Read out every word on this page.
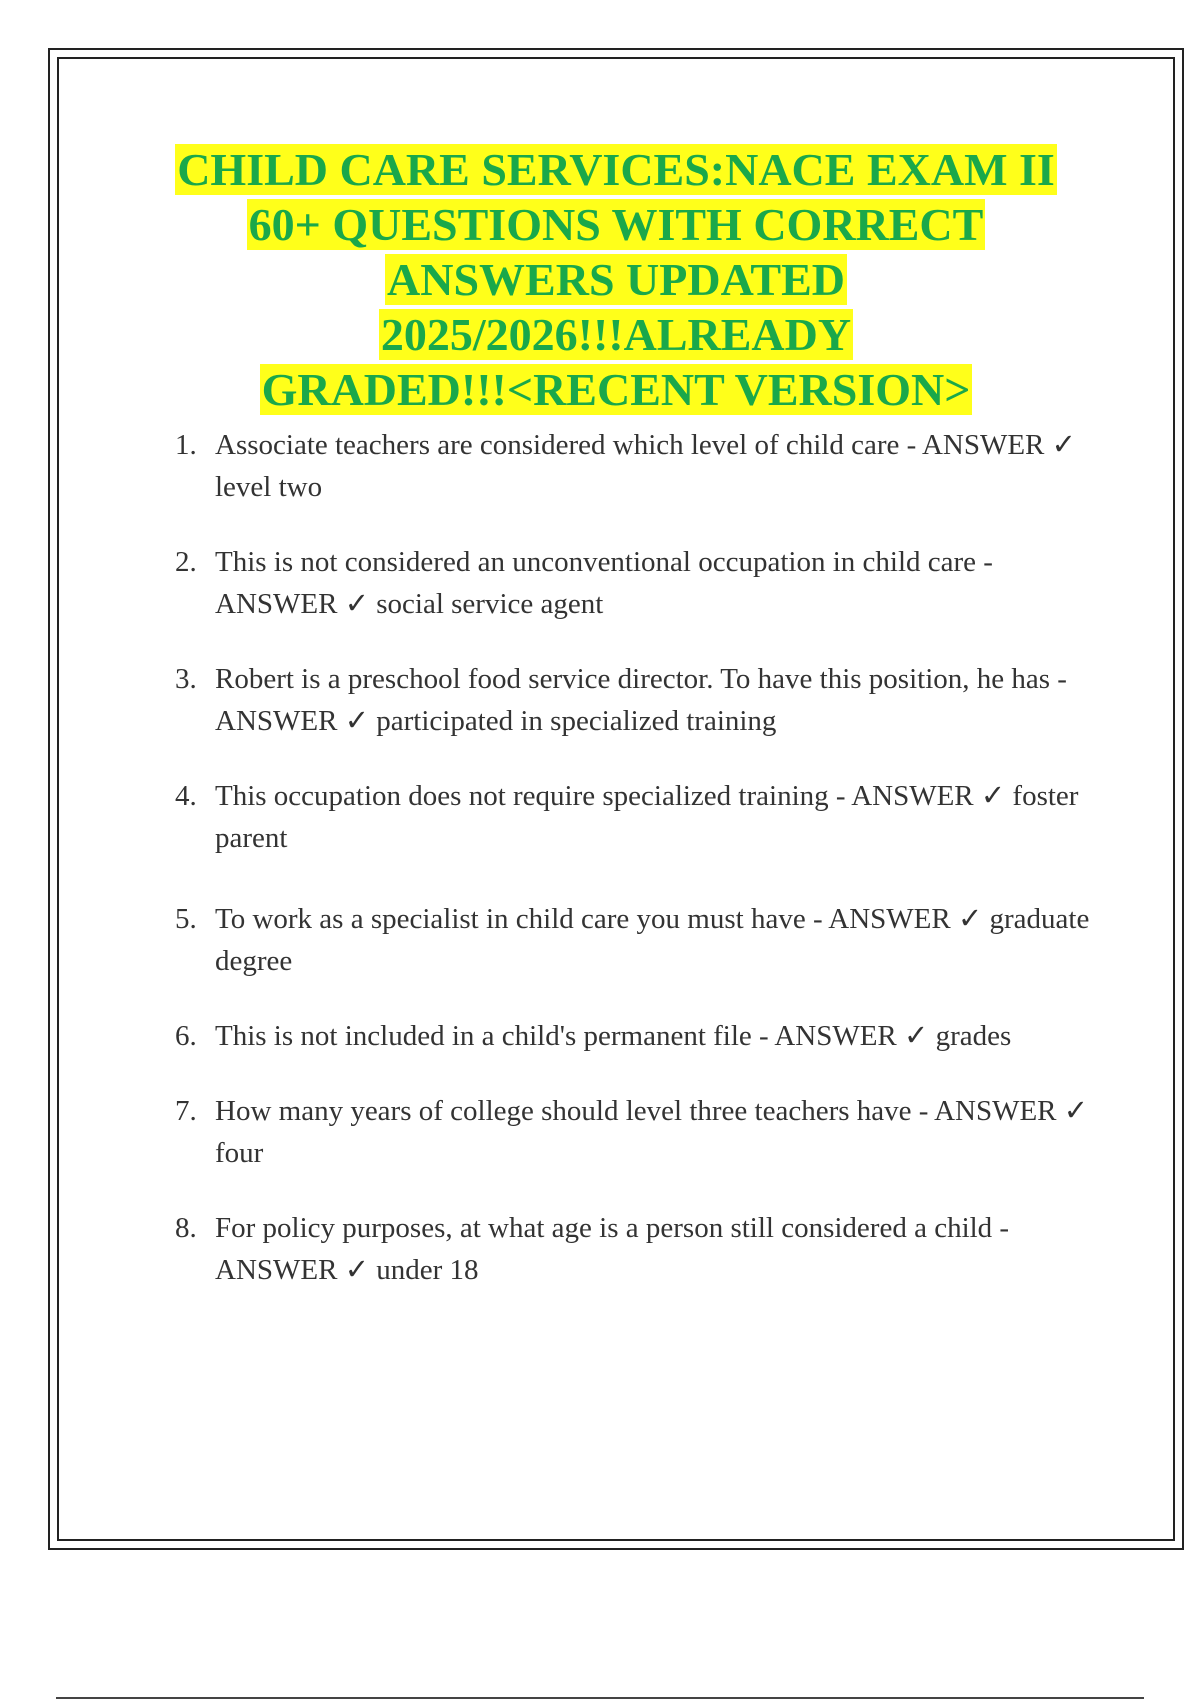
CHILD CARE SERVICES:NACE EXAM II
60+ QUESTIONS WITH CORRECT
ANSWERS UPDATED
2025/2026!!!ALREADY
GRADED!!!<RECENT VERSION>
1. Associate teachers are considered which level of child care - ANSWER ✓ level two
2. This is not considered an unconventional occupation in child care - ANSWER ✓ social service agent
3. Robert is a preschool food service director. To have this position, he has - ANSWER ✓ participated in specialized training
4. This occupation does not require specialized training - ANSWER ✓ foster parent
5. To work as a specialist in child care you must have - ANSWER ✓ graduate degree
6. This is not included in a child's permanent file - ANSWER ✓ grades
7. How many years of college should level three teachers have - ANSWER ✓ four
8. For policy purposes, at what age is a person still considered a child - ANSWER ✓ under 18
